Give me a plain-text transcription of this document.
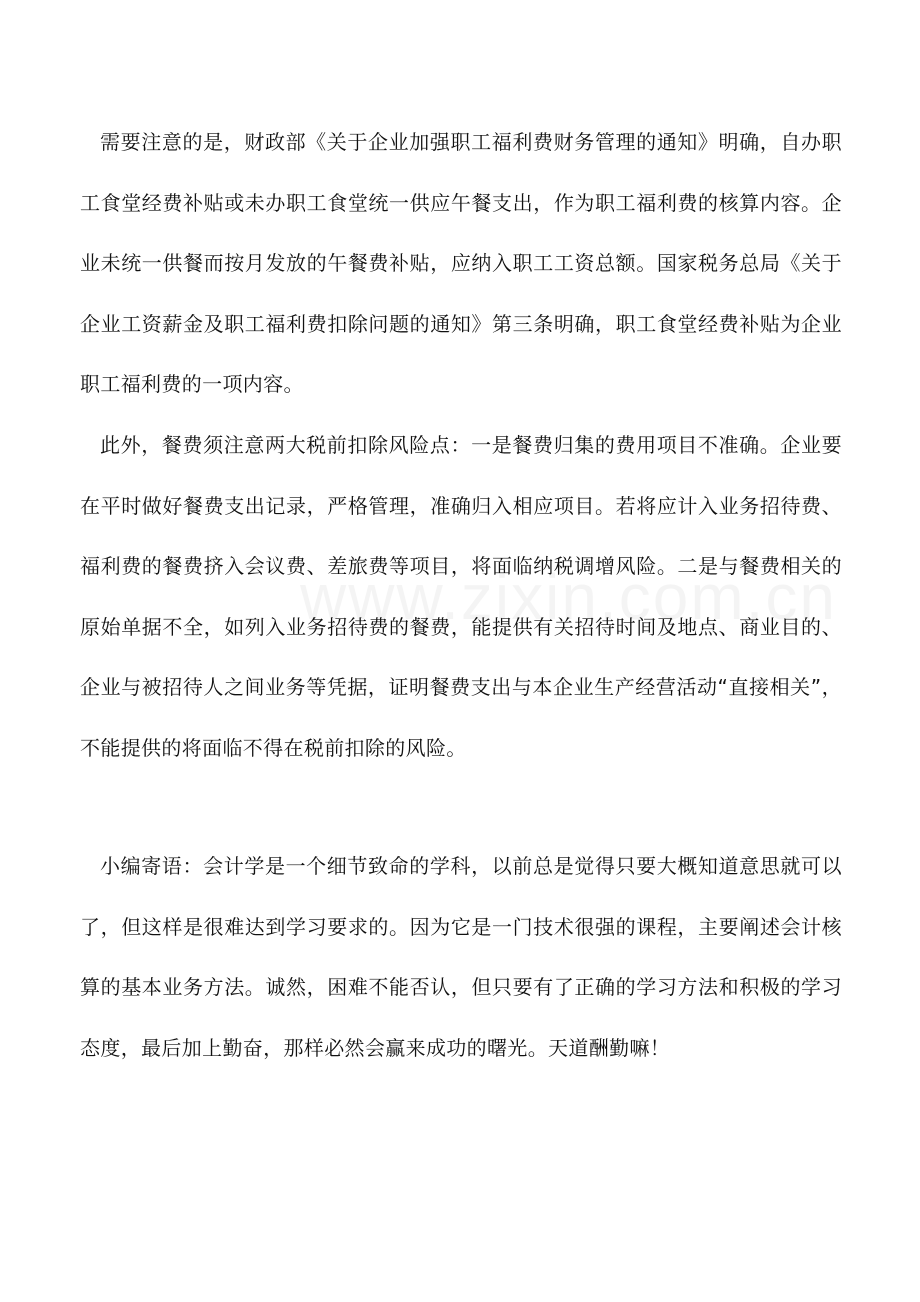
需要注意的是，财政部《关于企业加强职工福利费财务管理的通知》明确，自办职工食堂经费补贴或未办职工食堂统一供应午餐支出，作为职工福利费的核算内容。企业未统一供餐而按月发放的午餐费补贴，应纳入职工工资总额。国家税务总局《关于企业工资薪金及职工福利费扣除问题的通知》第三条明确，职工食堂经费补贴为企业职工福利费的一项内容。

此外，餐费须注意两大税前扣除风险点：一是餐费归集的费用项目不准确。企业要在平时做好餐费支出记录，严格管理，准确归入相应项目。若将应计入业务招待费、福利费的餐费挤入会议费、差旅费等项目，将面临纳税调增风险。二是与餐费相关的原始单据不全，如列入业务招待费的餐费，能提供有关招待时间及地点、商业目的、企业与被招待人之间业务等凭据，证明餐费支出与本企业生产经营活动“直接相关”，不能提供的将面临不得在税前扣除的风险。

小编寄语：会计学是一个细节致命的学科，以前总是觉得只要大概知道意思就可以了，但这样是很难达到学习要求的。因为它是一门技术很强的课程，主要阐述会计核算的基本业务方法。诚然，困难不能否认，但只要有了正确的学习方法和积极的学习态度，最后加上勤奋，那样必然会赢来成功的曙光。天道酬勤嘛！
